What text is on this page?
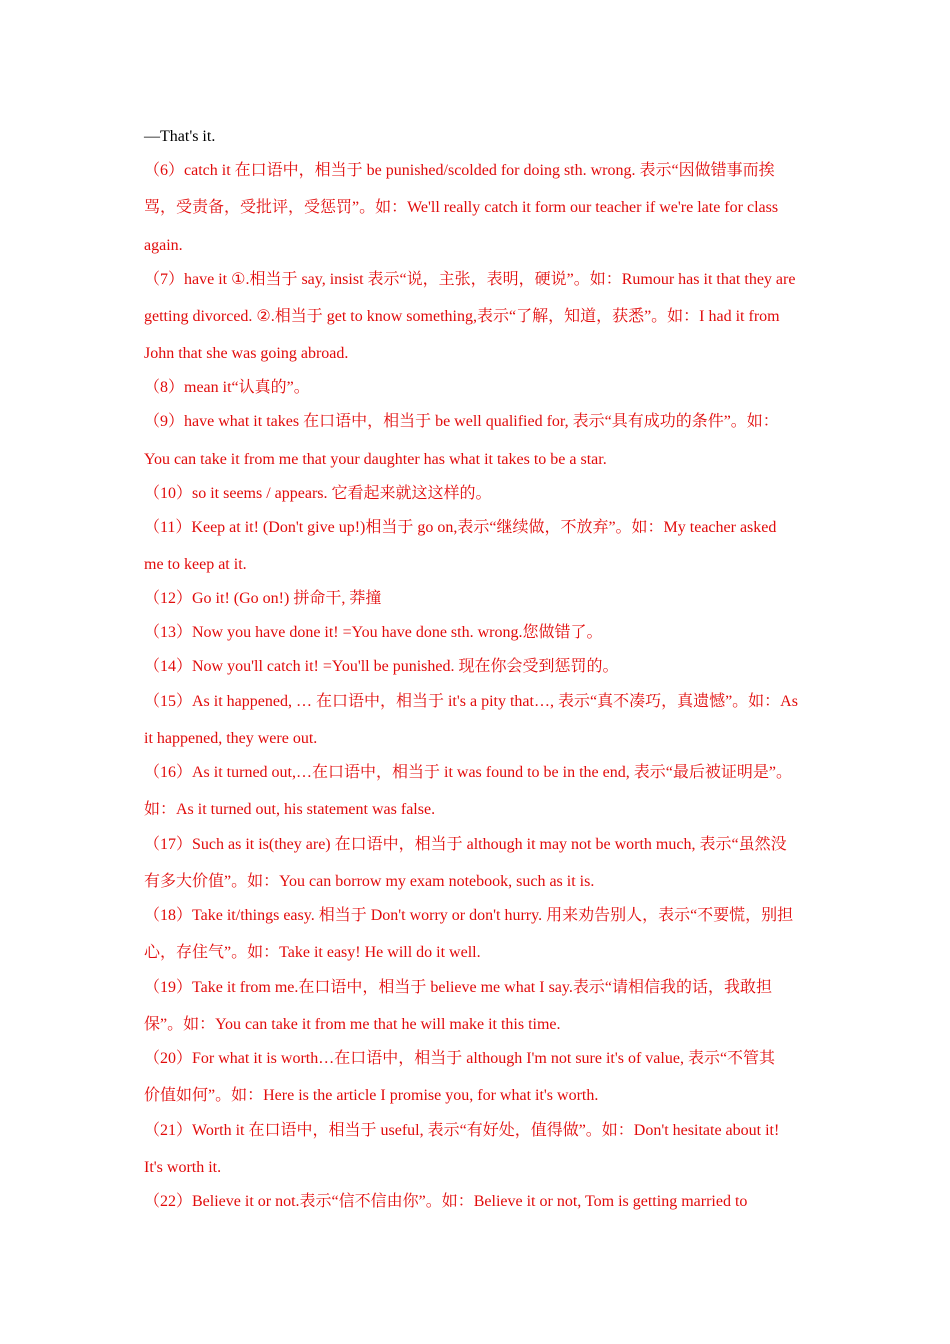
—That's it.

（6）catch it 在口语中，相当于 be punished/scolded for doing sth. wrong. 表示“因做错事而挨

骂，受责备，受批评，受惩罚”。如：We'll really catch it form our teacher if we're late for class

again.

（7）have it ①.相当于 say, insist 表示“说，主张，表明，硬说”。如：Rumour has it that they are

getting divorced. ②.相当于 get to know something,表示“了解，知道，获悉”。如：I had it from

John that she was going abroad.

（8）mean it“认真的”。

（9）have what it takes 在口语中，相当于 be well qualified for, 表示“具有成功的条件”。如：

You can take it from me that your daughter has what it takes to be a star.

（10）so it seems / appears. 它看起来就这这样的。

（11）Keep at it! (Don't give up!)相当于 go on,表示“继续做，不放弃”。如：My teacher asked

me to keep at it.

（12）Go it! (Go on!) 拼命干, 莽撞

（13）Now you have done it! =You have done sth. wrong.您做错了。

（14）Now you'll catch it! =You'll be punished. 现在你会受到惩罚的。

（15）As it happened, … 在口语中，相当于 it's a pity that…, 表示“真不凑巧，真遗憾”。如：As

it happened, they were out.

（16）As it turned out,…在口语中，相当于 it was found to be in the end, 表示“最后被证明是”。

如：As it turned out, his statement was false.

（17）Such as it is(they are) 在口语中，相当于 although it may not be worth much, 表示“虽然没

有多大价值”。如：You can borrow my exam notebook, such as it is.

（18）Take it/things easy. 相当于 Don't worry or don't hurry. 用来劝告别人，表示“不要慌，别担

心，存住气”。如：Take it easy! He will do it well.

（19）Take it from me.在口语中，相当于 believe me what I say.表示“请相信我的话，我敢担

保”。如：You can take it from me that he will make it this time.

（20）For what it is worth…在口语中，相当于 although I'm not sure it's of value, 表示“不管其

价值如何”。如：Here is the article I promise you, for what it's worth.

（21）Worth it 在口语中，相当于 useful, 表示“有好处，值得做”。如：Don't hesitate about it!

It's worth it.

（22）Believe it or not.表示“信不信由你”。如：Believe it or not, Tom is getting married to
